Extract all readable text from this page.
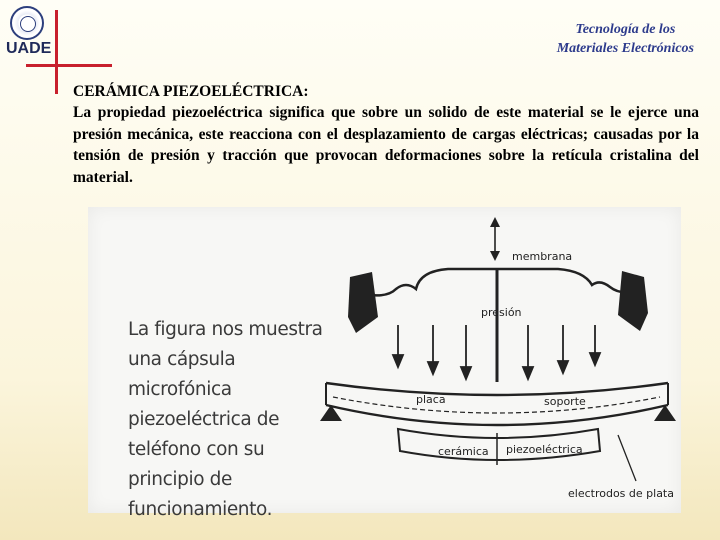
UADE
Tecnología de los
Materiales Electrónicos
CERÁMICA PIEZOELÉCTRICA:
La propiedad piezoeléctrica significa que sobre un solido de este material se le ejerce una presión mecánica, este reacciona con el desplazamiento de cargas eléctricas; causadas por la tensión de presión y tracción que provocan deformaciones sobre la retícula cristalina del material.
La figura nos muestra una cápsula microfónica piezoeléctrica de teléfono con su principio de funcionamiento.
membrana
presión
placa	soporte
cerámica piezoeléctrica
electrodos de plata
